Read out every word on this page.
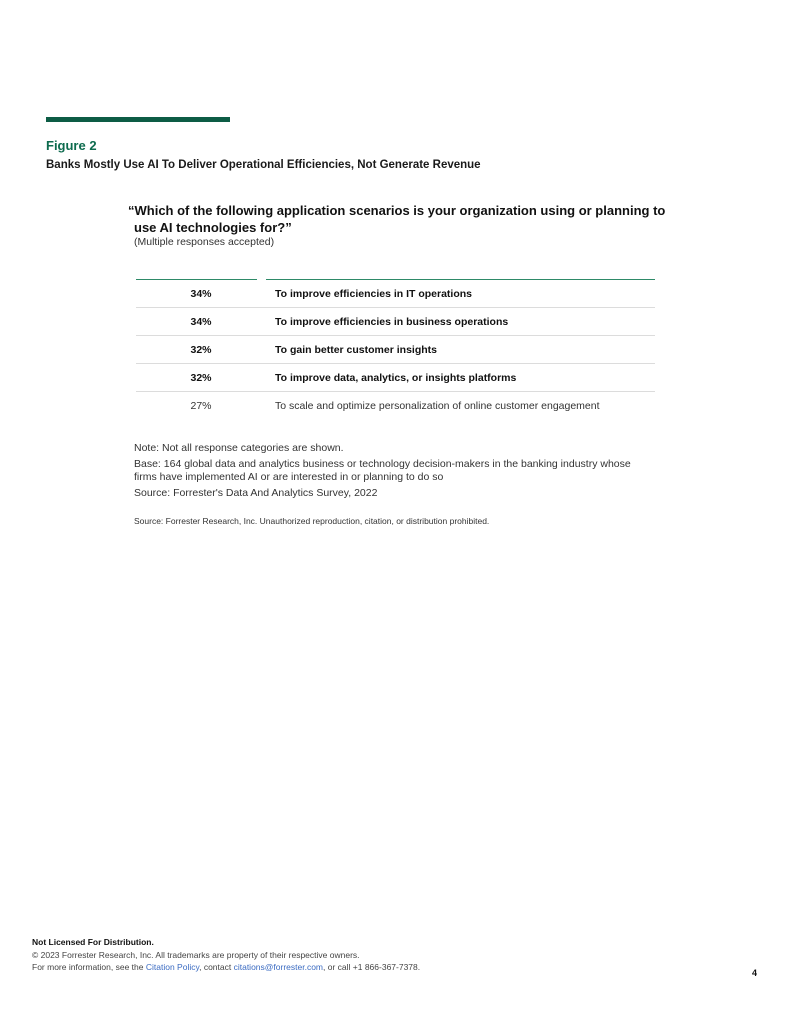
Figure 2
Banks Mostly Use AI To Deliver Operational Efficiencies, Not Generate Revenue
“Which of the following application scenarios is your organization using or planning to
use AI technologies for?”
(Multiple responses accepted)
34%	To improve efficiencies in IT operations
34%	To improve efficiencies in business operations
32%	To gain better customer insights
32%	To improve data, analytics, or insights platforms
27%	To scale and optimize personalization of online customer engagement

Note: Not all response categories are shown.

Base: 164 global data and analytics business or technology decision-makers in the banking industry whose
firms have implemented AI or are interested in or planning to do so

Source: Forrester's Data And Analytics Survey, 2022

Source: Forrester Research, Inc. Unauthorized reproduction, citation, or distribution prohibited.
Not Licensed For Distribution.
© 2023 Forrester Research, Inc. All trademarks are property of their respective owners.
For more information, see the Citation Policy, contact citations@forrester.com, or call +1 866-367-7378.
4
